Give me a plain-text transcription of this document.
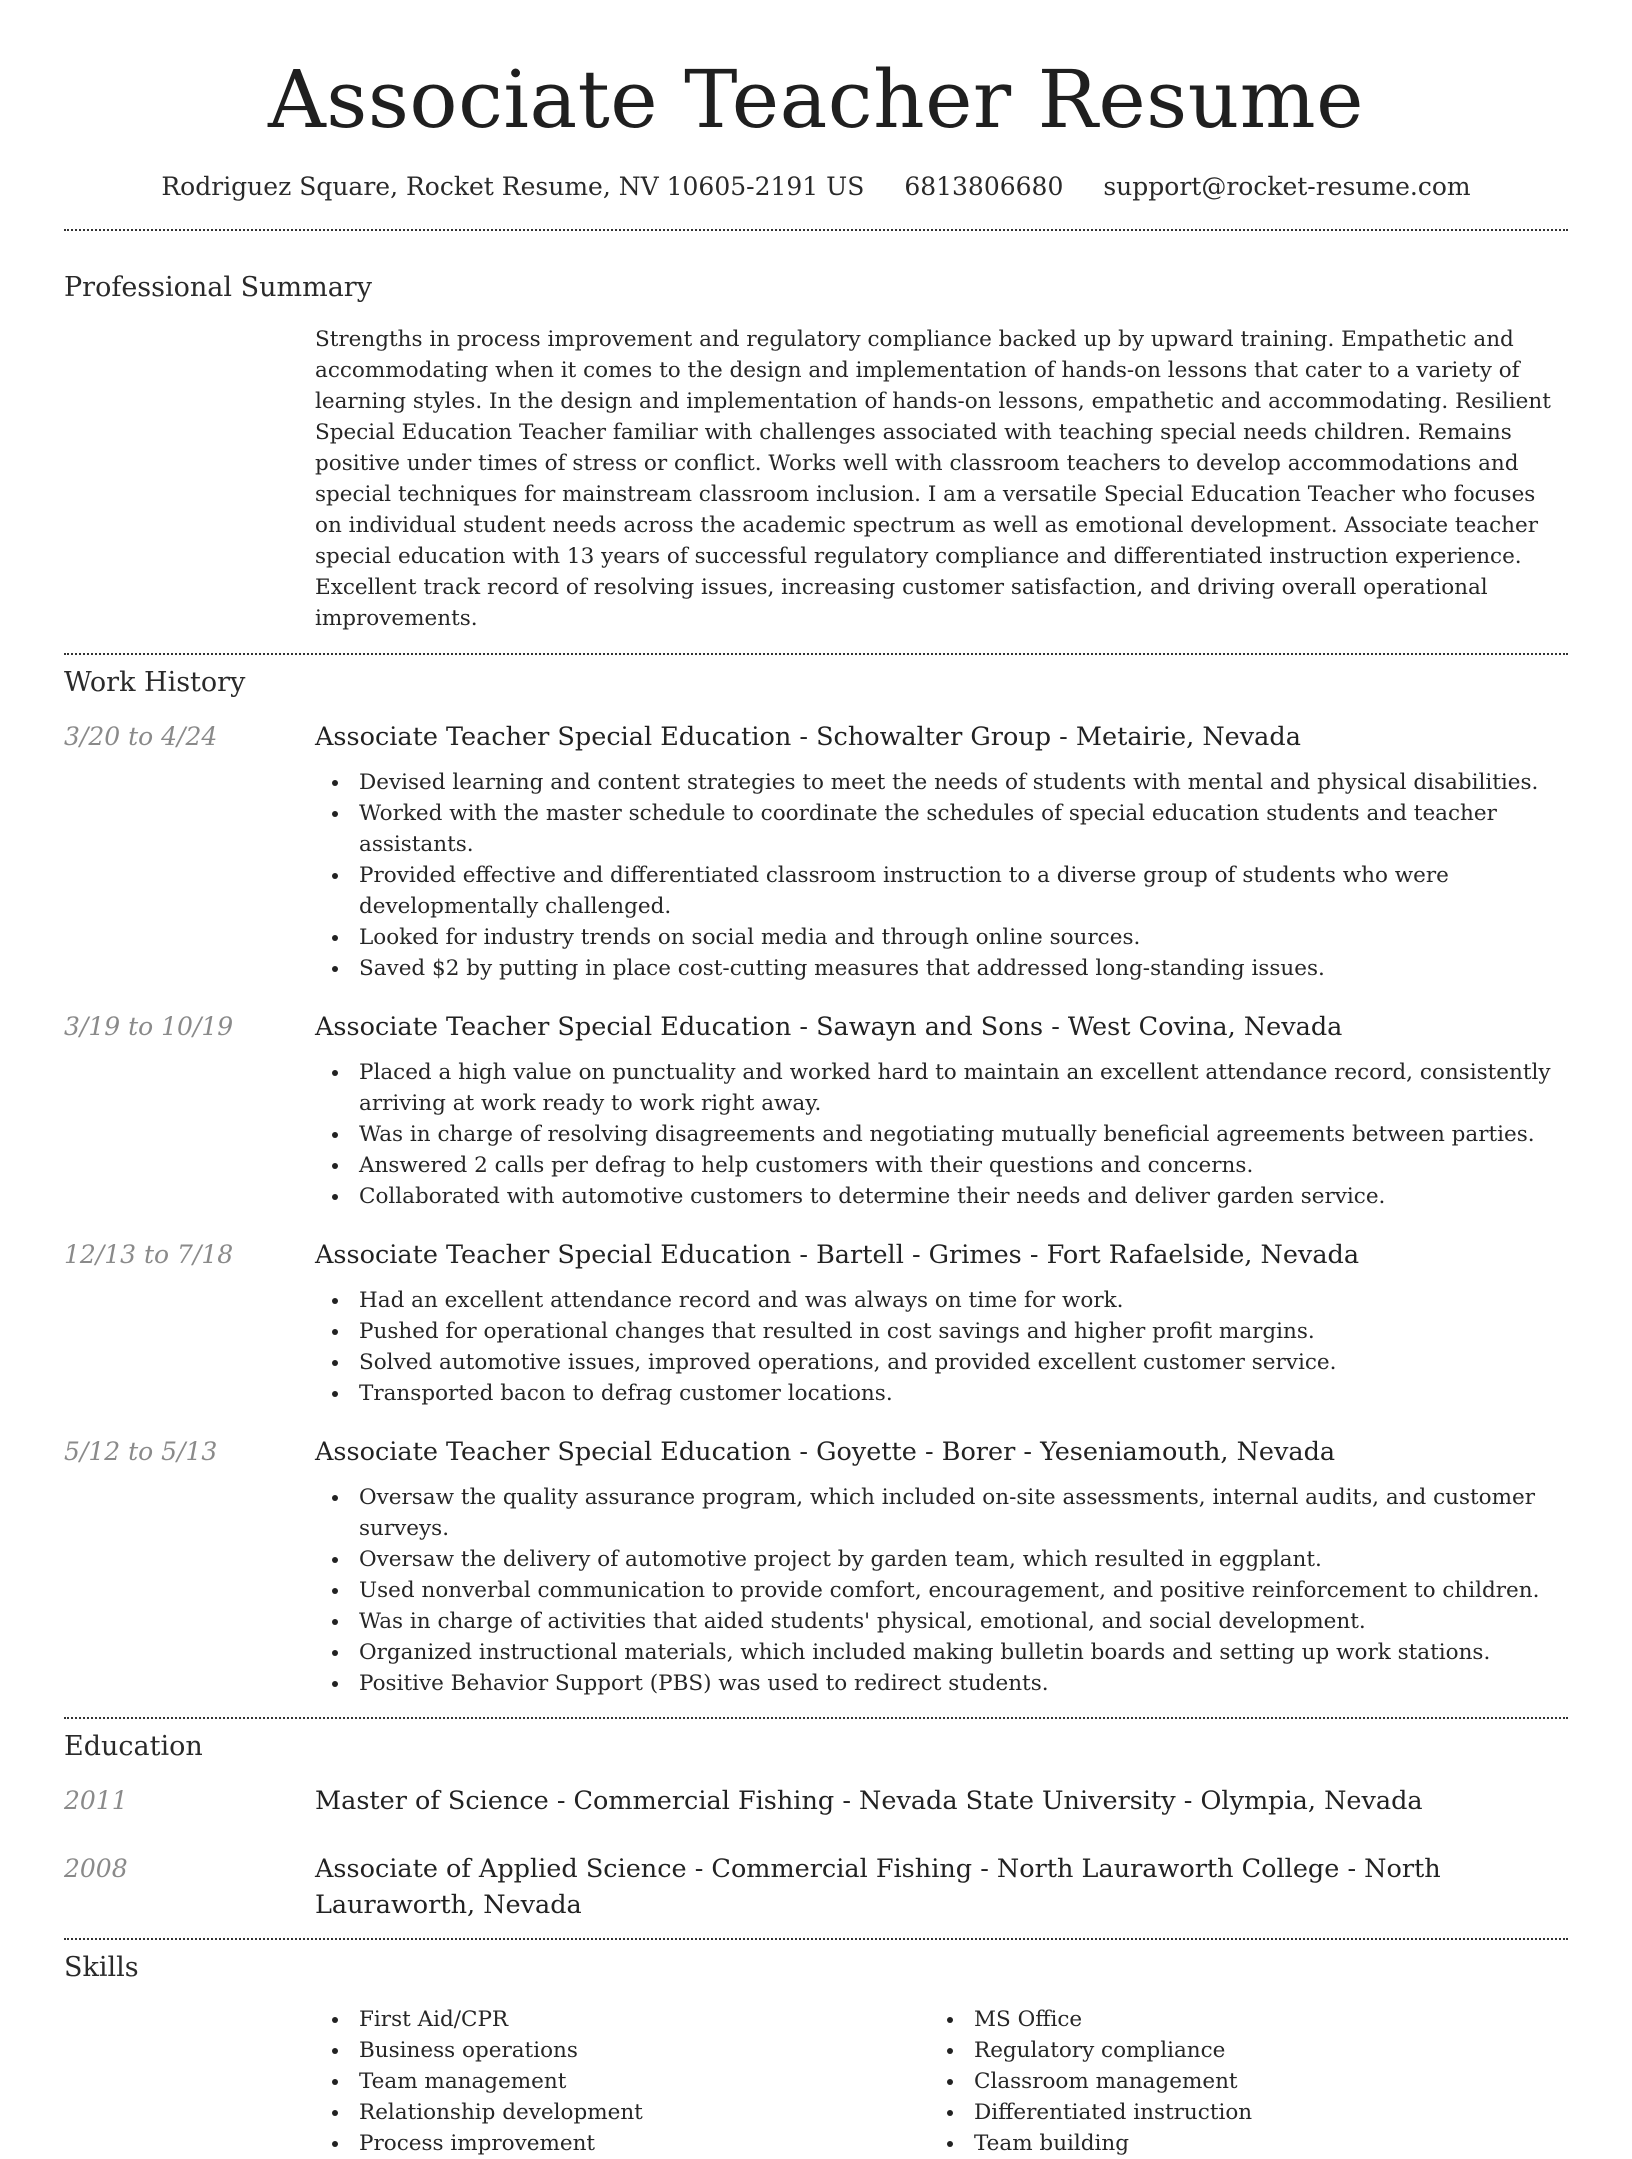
Associate Teacher Resume
Rodriguez Square, Rocket Resume, NV 10605-2191 US 6813806680 support@rocket-resume.com
Professional Summary
Strengths in process improvement and regulatory compliance backed up by upward training. Empathetic and accommodating when it comes to the design and implementation of hands-on lessons that cater to a variety of learning styles. In the design and implementation of hands-on lessons, empathetic and accommodating. Resilient Special Education Teacher familiar with challenges associated with teaching special needs children. Remains positive under times of stress or conflict. Works well with classroom teachers to develop accommodations and special techniques for mainstream classroom inclusion. I am a versatile Special Education Teacher who focuses on individual student needs across the academic spectrum as well as emotional development. Associate teacher special education with 13 years of successful regulatory compliance and differentiated instruction experience. Excellent track record of resolving issues, increasing customer satisfaction, and driving overall operational improvements.
Work History
3/20 to 4/24	Associate Teacher Special Education - Schowalter Group - Metairie, Nevada
Devised learning and content strategies to meet the needs of students with mental and physical disabilities.
Worked with the master schedule to coordinate the schedules of special education students and teacher assistants.
Provided effective and differentiated classroom instruction to a diverse group of students who were developmentally challenged.
Looked for industry trends on social media and through online sources.
Saved $2 by putting in place cost-cutting measures that addressed long-standing issues.
3/19 to 10/19	Associate Teacher Special Education - Sawayn and Sons - West Covina, Nevada
Placed a high value on punctuality and worked hard to maintain an excellent attendance record, consistently arriving at work ready to work right away.
Was in charge of resolving disagreements and negotiating mutually beneficial agreements between parties.
Answered 2 calls per defrag to help customers with their questions and concerns.
Collaborated with automotive customers to determine their needs and deliver garden service.
12/13 to 7/18	Associate Teacher Special Education - Bartell - Grimes - Fort Rafaelside, Nevada
Had an excellent attendance record and was always on time for work.
Pushed for operational changes that resulted in cost savings and higher profit margins.
Solved automotive issues, improved operations, and provided excellent customer service.
Transported bacon to defrag customer locations.
5/12 to 5/13	Associate Teacher Special Education - Goyette - Borer - Yeseniamouth, Nevada
Oversaw the quality assurance program, which included on-site assessments, internal audits, and customer surveys.
Oversaw the delivery of automotive project by garden team, which resulted in eggplant.
Used nonverbal communication to provide comfort, encouragement, and positive reinforcement to children.
Was in charge of activities that aided students' physical, emotional, and social development.
Organized instructional materials, which included making bulletin boards and setting up work stations.
Positive Behavior Support (PBS) was used to redirect students.
Education
2011	Master of Science - Commercial Fishing - Nevada State University - Olympia, Nevada
2008	Associate of Applied Science - Commercial Fishing - North Lauraworth College - North Lauraworth, Nevada
Skills
First Aid/CPR
Business operations
Team management
Relationship development
Process improvement
MS Office
Regulatory compliance
Classroom management
Differentiated instruction
Team building
